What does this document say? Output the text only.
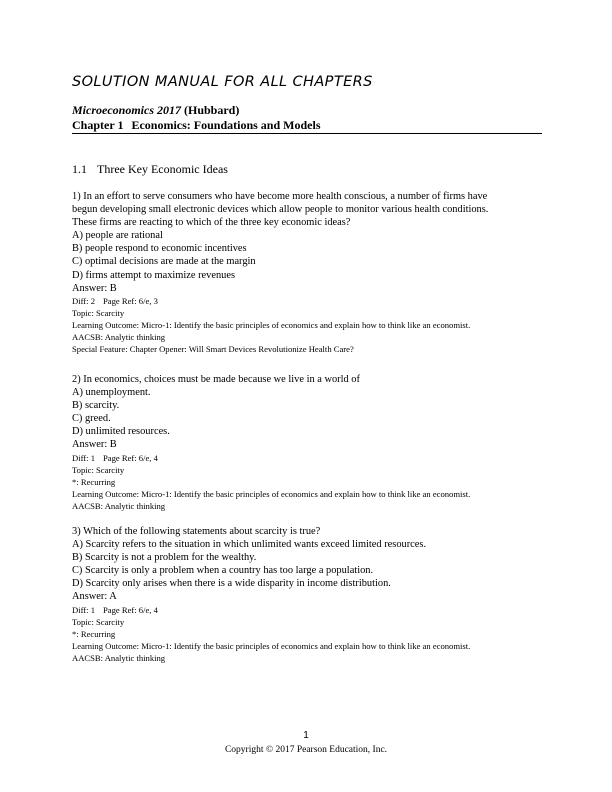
SOLUTION MANUAL FOR ALL CHAPTERS
Microeconomics 2017 (Hubbard)
Chapter 1 Economics: Foundations and Models
1.1 Three Key Economic Ideas
1) In an effort to serve consumers who have become more health conscious, a number of firms have
begun developing small electronic devices which allow people to monitor various health conditions.
These firms are reacting to which of the three key economic ideas?
A) people are rational
B) people respond to economic incentives
C) optimal decisions are made at the margin
D) firms attempt to maximize revenues
Answer: B
Diff: 2 Page Ref: 6/e, 3
Topic: Scarcity
Learning Outcome: Micro-1: Identify the basic principles of economics and explain how to think like an economist.
AACSB: Analytic thinking
Special Feature: Chapter Opener: Will Smart Devices Revolutionize Health Care?
2) In economics, choices must be made because we live in a world of
A) unemployment.
B) scarcity.
C) greed.
D) unlimited resources.
Answer: B
Diff: 1 Page Ref: 6/e, 4
Topic: Scarcity
*: Recurring
Learning Outcome: Micro-1: Identify the basic principles of economics and explain how to think like an economist.
AACSB: Analytic thinking
3) Which of the following statements about scarcity is true?
A) Scarcity refers to the situation in which unlimited wants exceed limited resources.
B) Scarcity is not a problem for the wealthy.
C) Scarcity is only a problem when a country has too large a population.
D) Scarcity only arises when there is a wide disparity in income distribution.
Answer: A
Diff: 1 Page Ref: 6/e, 4
Topic: Scarcity
*: Recurring
Learning Outcome: Micro-1: Identify the basic principles of economics and explain how to think like an economist.
AACSB: Analytic thinking
1
Copyright © 2017 Pearson Education, Inc.
